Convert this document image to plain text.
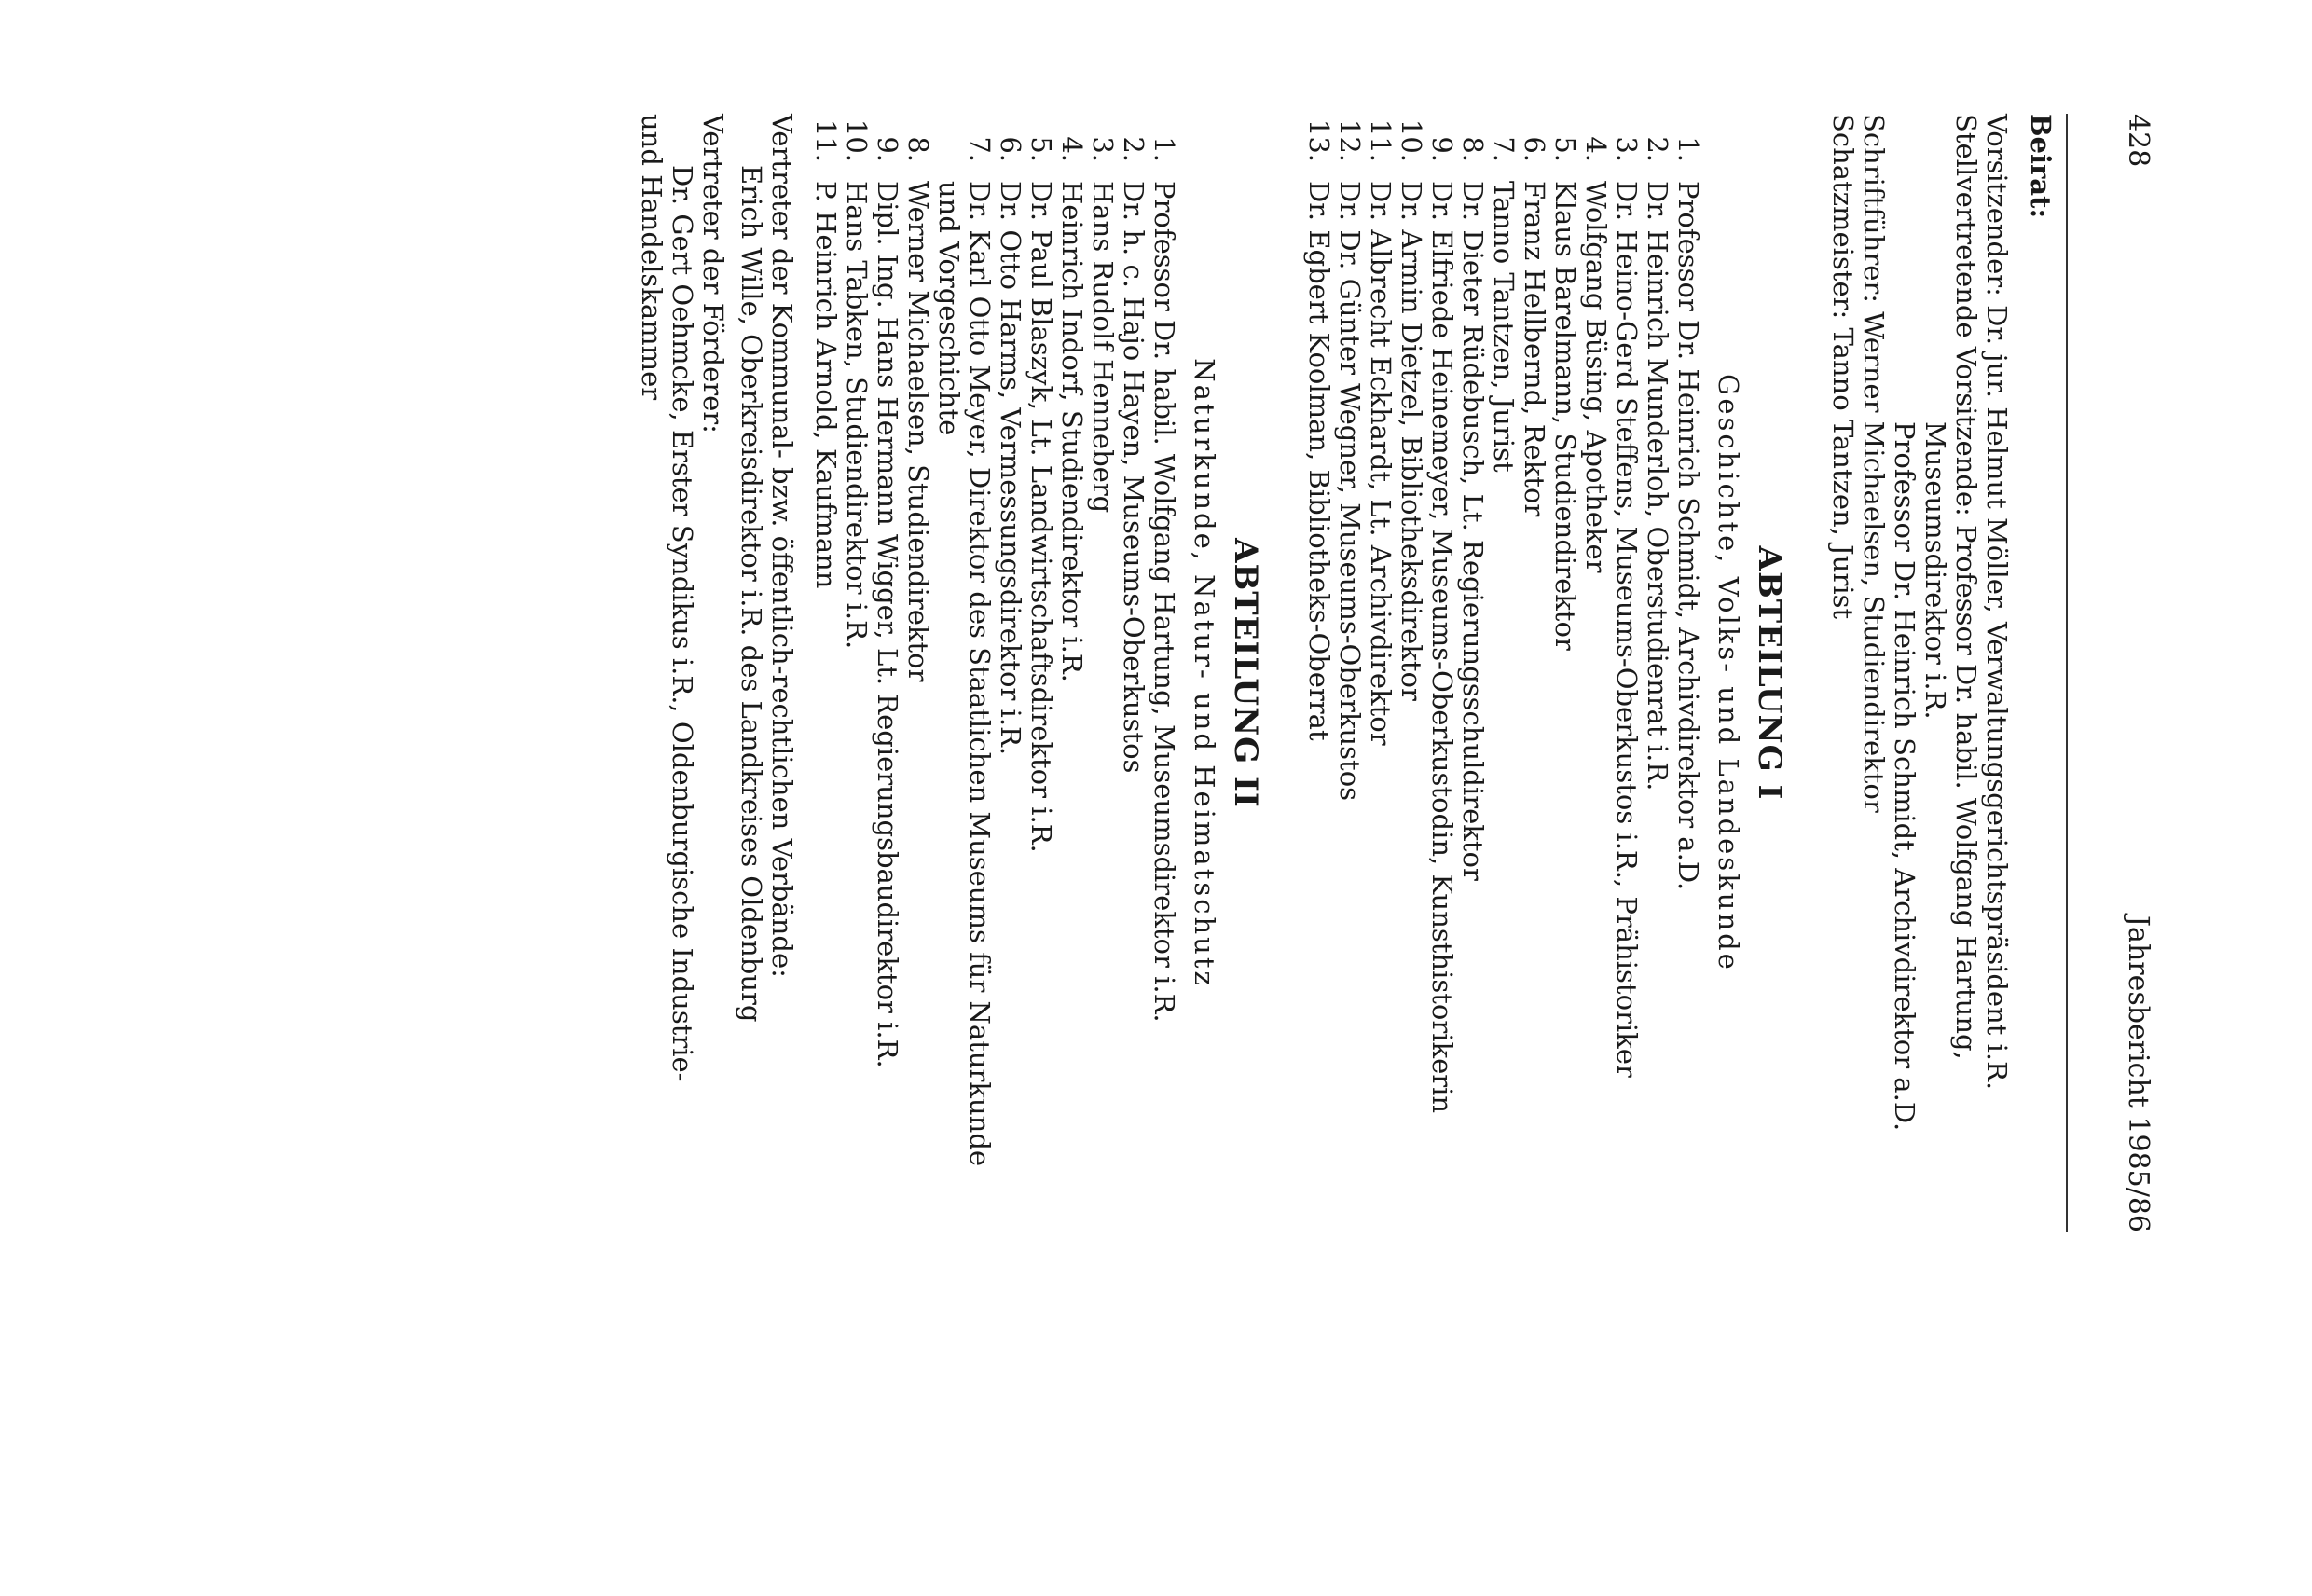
428
Jahresbericht 1985/86
Beirat:
Vorsitzender: Dr. jur. Helmut Möller, Verwaltungsgerichtspräsident i.R.
Stellvertretende Vorsitzende: Professor Dr. habil. Wolfgang Hartung,
Museumsdirektor i.R.
Professor Dr. Heinrich Schmidt, Archivdirektor a.D.
Schriftführer: Werner Michaelsen, Studiendirektor
Schatzmeister: Tanno Tantzen, Jurist
ABTEILUNG I
Geschichte, Volks- und Landeskunde
1.
Professor Dr. Heinrich Schmidt, Archivdirektor a.D.
2.
Dr. Heinrich Munderloh, Oberstudienrat i.R.
3.
Dr. Heino-Gerd Steffens, Museums-Oberkustos i.R., Prähistoriker
4.
Wolfgang Büsing, Apotheker
5.
Klaus Barelmann, Studiendirektor
6.
Franz Hellbernd, Rektor
7.
Tanno Tantzen, Jurist
8.
Dr. Dieter Rüdebusch, Lt. Regierungsschuldirektor
9.
Dr. Elfriede Heinemeyer, Museums-Oberkustodin, Kunsthistorikerin
10.
Dr. Armin Dietzel, Bibliotheksdirektor
11.
Dr. Albrecht Eckhardt, Lt. Archivdirektor
12.
Dr. Dr. Günter Wegner, Museums-Oberkustos
13.
Dr. Egbert Koolman, Bibliotheks-Oberrat
ABTEILUNG II
Naturkunde, Natur- und Heimatschutz
1.
Professor Dr. habil. Wolfgang Hartung, Museumsdirektor i.R.
2.
Dr. h. c. Hajo Hayen, Museums-Oberkustos
3.
Hans Rudolf Henneberg
4.
Heinrich Indorf, Studiendirektor i.R.
5.
Dr. Paul Blaszyk, Lt. Landwirtschaftsdirektor i.R.
6.
Dr. Otto Harms, Vermessungsdirektor i.R.
7.
Dr. Karl Otto Meyer, Direktor des Staatlichen Museums für Naturkunde
und Vorgeschichte
8.
Werner Michaelsen, Studiendirektor
9.
Dipl. Ing. Hans Hermann Wigger, Lt. Regierungsbaudirektor i.R.
10.
Hans Tabken, Studiendirektor i.R.
11.
P. Heinrich Arnold, Kaufmann
Vertreter der Kommunal- bzw. öffentlich-rechtlichen Verbände:
Erich Wille, Oberkreisdirektor i.R. des Landkreises Oldenburg
Vertreter der Förderer:
Dr. Gert Oehmcke, Erster Syndikus i.R., Oldenburgische Industrie-
und Handelskammer
